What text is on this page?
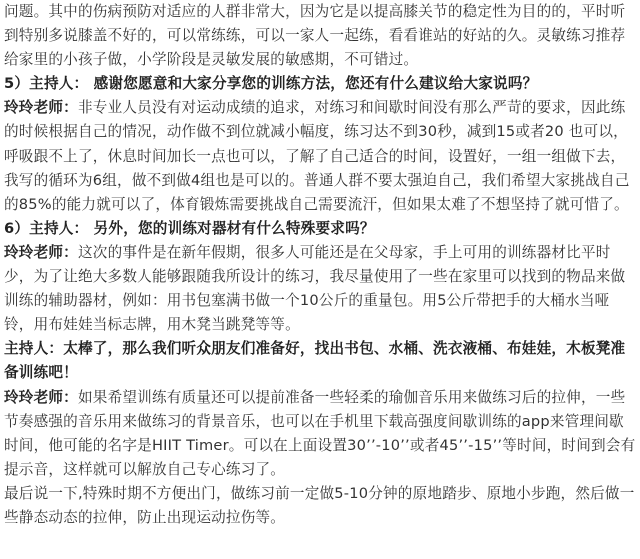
问题。其中的伤病预防对适应的人群非常大，因为它是以提高膝关节的稳定性为目的的，平时听到特别多说膝盖不好的，可以常练练，可以一家人一起练，看看谁站的好站的久。灵敏练习推荐给家里的小孩子做，小学阶段是灵敏发展的敏感期，不可错过。

5）主持人： 感谢您愿意和大家分享您的训练方法，您还有什么建议给大家说吗？

玲玲老师：非专业人员没有对运动成绩的追求，对练习和间歇时间没有那么严苛的要求，因此练的时候根据自己的情况，动作做不到位就减小幅度，练习达不到30秒，减到15或者20 也可以，呼吸跟不上了，休息时间加长一点也可以，了解了自己适合的时间，设置好，一组一组做下去，我写的循环为6组，做不到做4组也是可以的。普通人群不要太强迫自己，我们希望大家挑战自己的85%的能力就可以了，体育锻炼需要挑战自己需要流汗，但如果太难了不想坚持了就可惜了。

6）主持人： 另外，您的训练对器材有什么特殊要求吗？

玲玲老师：这次的事件是在新年假期，很多人可能还是在父母家，手上可用的训练器材比平时少，为了让绝大多数人能够跟随我所设计的练习，我尽量使用了一些在家里可以找到的物品来做训练的辅助器材，例如：用书包塞满书做一个10公斤的重量包。用5公斤带把手的大桶水当哑铃，用布娃娃当标志牌，用木凳当跳凳等等。

主持人：太棒了，那么我们听众朋友们准备好，找出书包、水桶、洗衣液桶、布娃娃，木板凳准备训练吧！

玲玲老师：如果希望训练有质量还可以提前准备一些轻柔的瑜伽音乐用来做练习后的拉伸，一些节奏感强的音乐用来做练习的背景音乐，也可以在手机里下载高强度间歇训练的app来管理间歇时间，他可能的名字是HIIT Timer。可以在上面设置30’’-10’’或者45’’-15’’等时间，时间到会有提示音，这样就可以解放自己专心练习了。

最后说一下,特殊时期不方便出门，做练习前一定做5-10分钟的原地踏步、原地小步跑，然后做一些静态动态的拉伸，防止出现运动拉伤等。
